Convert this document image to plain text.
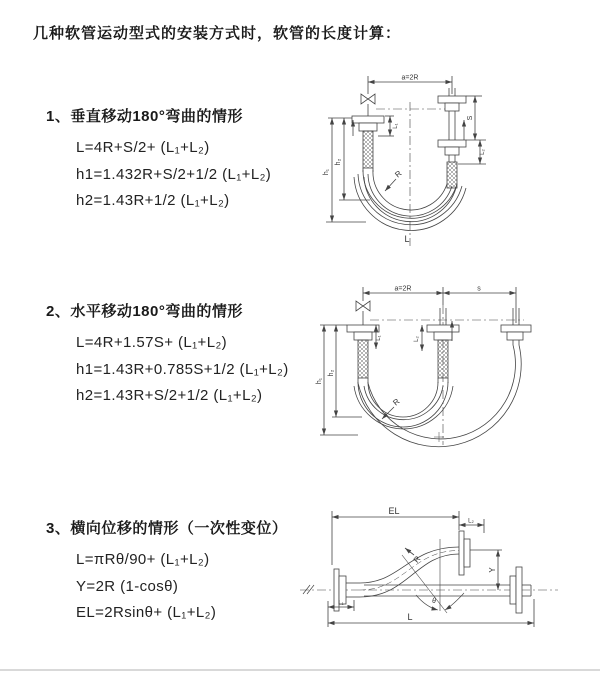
几种软管运动型式的安装方式时，软管的长度计算：
1、垂直移动180°弯曲的情形
L=4R+S/2+ (L₁+L₂)
h1=1.432R+S/2+1/2 (L₁+L₂)
h2=1.43R+1/2 (L₁+L₂)
2、水平移动180°弯曲的情形
L=4R+1.57S+ (L₁+L₂)
h1=1.43R+0.785S+1/2 (L₁+L₂)
h2=1.43R+S/2+1/2 (L₁+L₂)
3、横向位移的情形（一次性变位）
L=πRθ/90+ (L₁+L₂)
Y=2R (1-cosθ)
EL=2Rsinθ+ (L₁+L₂)
a=2R
h₁
h₂
L₁
S
L₂
R
L
a=2R	s
h₁
h₂
L₁	L₂
R
EL
L₂
Y
R
θ
L
L₁
